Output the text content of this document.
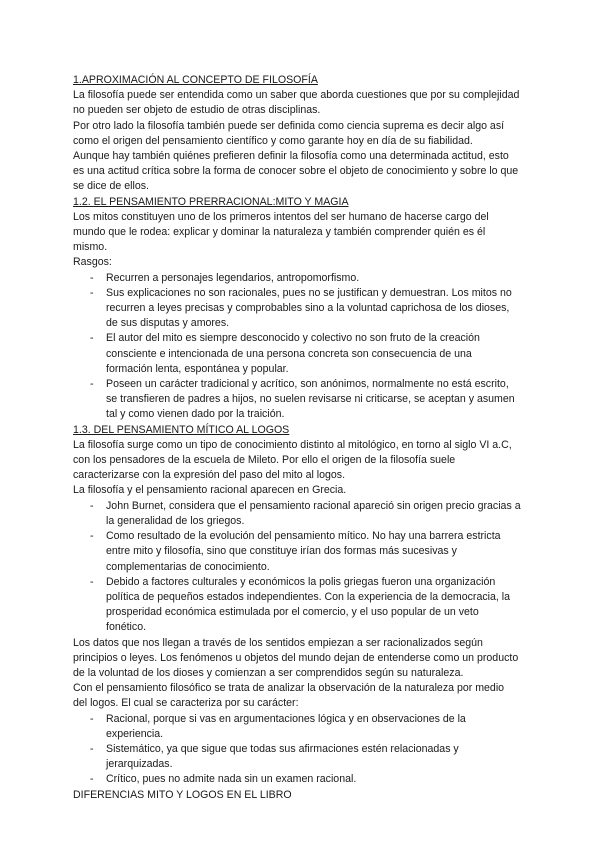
1.APROXIMACIÓN AL CONCEPTO DE FILOSOFÍA

La filosofía puede ser entendida como un saber que aborda cuestiones que por su complejidad no pueden ser objeto de estudio de otras disciplinas.

Por otro lado la filosofía también puede ser definida como ciencia suprema es decir algo así como el origen del pensamiento científico y como garante hoy en día de su fiabilidad.

Aunque hay también quiénes prefieren definir la filosofía como una determinada actitud, esto es una actitud crítica sobre la forma de conocer sobre el objeto de conocimiento y sobre lo que se dice de ellos.

1.2. EL PENSAMIENTO PRERRACIONAL:MITO Y MAGIA

Los mitos constituyen uno de los primeros intentos del ser humano de hacerse cargo del mundo que le rodea: explicar y dominar la naturaleza y también comprender quién es él mismo.

Rasgos:

- Recurren a personajes legendarios, antropomorfismo.
- Sus explicaciones no son racionales, pues no se justifican y demuestran. Los mitos no recurren a leyes precisas y comprobables sino a la voluntad caprichosa de los dioses, de sus disputas y amores.
- El autor del mito es siempre desconocido y colectivo no son fruto de la creación consciente e intencionada de una persona concreta son consecuencia de una formación lenta, espontánea y popular.
- Poseen un carácter tradicional y acrítico, son anónimos, normalmente no está escrito, se transfieren de padres a hijos, no suelen revisarse ni criticarse, se aceptan y asumen tal y como vienen dado por la traición.
1.3. DEL PENSAMIENTO MÍTICO AL LOGOS

La filosofía surge como un tipo de conocimiento distinto al mitológico, en torno al siglo VI a.C, con los pensadores de la escuela de Mileto. Por ello el origen de la filosofía suele caracterizarse con la expresión del paso del mito al logos.

La filosofía y el pensamiento racional aparecen en Grecia.

- John Burnet, considera que el pensamiento racional apareció sin origen precio gracias a la generalidad de los griegos.
- Como resultado de la evolución del pensamiento mítico. No hay una barrera estricta entre mito y filosofía, sino que constituye irían dos formas más sucesivas y complementarias de conocimiento.
- Debido a factores culturales y económicos la polis griegas fueron una organización política de pequeños estados independientes. Con la experiencia de la democracia, la prosperidad económica estimulada por el comercio, y el uso popular de un veto fonético.

Los datos que nos llegan a través de los sentidos empiezan a ser racionalizados según principios o leyes. Los fenómenos u objetos del mundo dejan de entenderse como un producto de la voluntad de los dioses y comienzan a ser comprendidos según su naturaleza.

Con el pensamiento filosófico se trata de analizar la observación de la naturaleza por medio del logos. El cual se caracteriza por su carácter:

- Racional, porque si vas en argumentaciones lógica y en observaciones de la experiencia.
- Sistemático, ya que sigue que todas sus afirmaciones estén relacionadas y jerarquizadas.
- Crítico, pues no admite nada sin un examen racional.

DIFERENCIAS MITO Y LOGOS EN EL LIBRO
